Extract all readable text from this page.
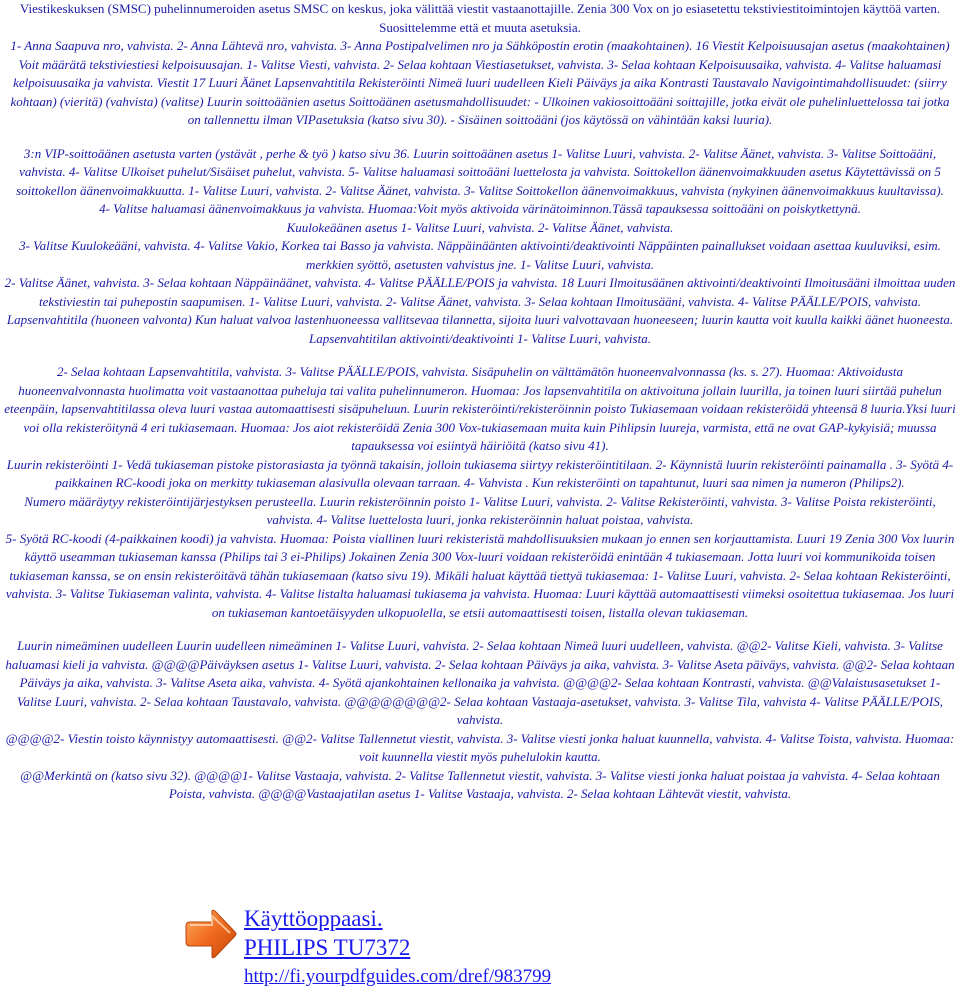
Viestikeskuksen (SMSC) puhelinnumeroiden asetus SMSC on keskus, joka välittää viestit vastaanottajille. Zenia 300 Vox on jo esiasetettu tekstiviestitoimintojen käyttöä varten. Suosittelemme että et muuta asetuksia.

1- Anna Saapuva nro, vahvista. 2- Anna Lähtevä nro, vahvista. 3- Anna Postipalvelimen nro ja Sähköpostin erotin (maakohtainen). 16 Viestit Kelpoisuusajan asetus (maakohtainen) Voit määrätä tekstiviestiesi kelpoisuusajan. 1- Valitse Viesti, vahvista. 2- Selaa kohtaan Viestiasetukset, vahvista. 3- Selaa kohtaan Kelpoisuusaika, vahvista. 4- Valitse haluamasi kelpoisuusaika ja vahvista. Viestit 17 Luuri Äänet Lapsenvahtitila Rekisteröinti Nimeä luuri uudelleen Kieli Päiväys ja aika Kontrasti Taustavalo Navigointimahdollisuudet: (siirry kohtaan) (vieritä) (vahvista) (valitse) Luurin soittoäänien asetus Soittoäänen asetusmahdollisuudet: - Ulkoinen vakiosoittoääni soittajille, jotka eivät ole puhelinluettelossa tai jotka on tallennettu ilman VIPasetuksia (katso sivu 30). - Sisäinen soittoääni (jos käytössä on vähintään kaksi luuria).

3:n VIP-soittoäänen asetusta varten (ystävät , perhe & työ ) katso sivu 36. Luurin soittoäänen asetus 1- Valitse Luuri, vahvista. 2- Valitse Äänet, vahvista. 3- Valitse Soittoääni, vahvista. 4- Valitse Ulkoiset puhelut/Sisäiset puhelut, vahvista. 5- Valitse haluamasi soittoääni luettelosta ja vahvista. Soittokellon äänenvoimakkuuden asetus Käytettävissä on 5 soittokellon äänenvoimakkuutta. 1- Valitse Luuri, vahvista. 2- Valitse Äänet, vahvista. 3- Valitse Soittokellon äänenvoimakkuus, vahvista (nykyinen äänenvoimakkuus kuultavissa).

4- Valitse haluamasi äänenvoimakkuus ja vahvista. Huomaa:Voit myös aktivoida värinätoiminnon.Tässä tapauksessa soittoääni on poiskytkettynä.

Kuulokeäänen asetus 1- Valitse Luuri, vahvista. 2- Valitse Äänet, vahvista.

3- Valitse Kuulokeääni, vahvista. 4- Valitse Vakio, Korkea tai Basso ja vahvista. Näppäinäänten aktivointi/deaktivointi Näppäinten painallukset voidaan asettaa kuuluviksi, esim. merkkien syöttö, asetusten vahvistus jne. 1- Valitse Luuri, vahvista.

2- Valitse Äänet, vahvista. 3- Selaa kohtaan Näppäinäänet, vahvista. 4- Valitse PÄÄLLE/POIS ja vahvista. 18 Luuri Ilmoitusäänen aktivointi/deaktivointi Ilmoitusääni ilmoittaa uuden tekstiviestin tai puhepostin saapumisen. 1- Valitse Luuri, vahvista. 2- Valitse Äänet, vahvista. 3- Selaa kohtaan Ilmoitusääni, vahvista. 4- Valitse PÄÄLLE/POIS, vahvista. Lapsenvahtitila (huoneen valvonta) Kun haluat valvoa lastenhuoneessa vallitsevaa tilannetta, sijoita luuri valvottavaan huoneeseen; luurin kautta voit kuulla kaikki äänet huoneesta. Lapsenvahtitilan aktivointi/deaktivointi 1- Valitse Luuri, vahvista.

2- Selaa kohtaan Lapsenvahtitila, vahvista. 3- Valitse PÄÄLLE/POIS, vahvista. Sisäpuhelin on välttämätön huoneenvalvonnassa (ks. s. 27). Huomaa: Aktivoidusta huoneenvalvonnasta huolimatta voit vastaanottaa puheluja tai valita puhelinnumeron. Huomaa: Jos lapsenvahtitila on aktivoituna jollain luurilla, ja toinen luuri siirtää puhelun eteenpäin, lapsenvahtitilassa oleva luuri vastaa automaattisesti sisäpuheluun. Luurin rekisteröinti/rekisteröinnin poisto Tukiasemaan voidaan rekisteröidä yhteensä 8 luuria.Yksi luuri voi olla rekisteröitynä 4 eri tukiasemaan. Huomaa: Jos aiot rekisteröidä Zenia 300 Vox-tukiasemaan muita kuin Pihlipsin luureja, varmista, että ne ovat GAP-kykyisiä; muussa tapauksessa voi esiintyä häiriöitä (katso sivu 41).

Luurin rekisteröinti 1- Vedä tukiaseman pistoke pistorasiasta ja työnnä takaisin, jolloin tukiasema siirtyy rekisteröintitilaan. 2- Käynnistä luurin rekisteröinti painamalla . 3- Syötä 4-paikkainen RC-koodi joka on merkitty tukiaseman alasivulla olevaan tarraan. 4- Vahvista . Kun rekisteröinti on tapahtunut, luuri saa nimen ja numeron (Philips2).

Numero määräytyy rekisteröintijärjestyksen perusteella. Luurin rekisteröinnin poisto 1- Valitse Luuri, vahvista. 2- Valitse Rekisteröinti, vahvista. 3- Valitse Poista rekisteröinti, vahvista. 4- Valitse luettelosta luuri, jonka rekisteröinnin haluat poistaa, vahvista.

5- Syötä RC-koodi (4-paikkainen koodi) ja vahvista. Huomaa: Poista viallinen luuri rekisteristä mahdollisuuksien mukaan jo ennen sen korjauttamista. Luuri 19 Zenia 300 Vox luurin käyttö useamman tukiaseman kanssa (Philips tai 3 ei-Philips) Jokainen Zenia 300 Vox-luuri voidaan rekisteröidä enintään 4 tukiasemaan. Jotta luuri voi kommunikoida toisen tukiaseman kanssa, se on ensin rekisteröitävä tähän tukiasemaan (katso sivu 19). Mikäli haluat käyttää tiettyä tukiasemaa: 1- Valitse Luuri, vahvista. 2- Selaa kohtaan Rekisteröinti, vahvista. 3- Valitse Tukiaseman valinta, vahvista. 4- Valitse listalta haluamasi tukiasema ja vahvista. Huomaa: Luuri käyttää automaattisesti viimeksi osoitettua tukiasemaa. Jos luuri on tukiaseman kantoetäisyyden ulkopuolella, se etsii automaattisesti toisen, listalla olevan tukiaseman.

Luurin nimeäminen uudelleen Luurin uudelleen nimeäminen 1- Valitse Luuri, vahvista. 2- Selaa kohtaan Nimeä luuri uudelleen, vahvista. @@2- Valitse Kieli, vahvista. 3- Valitse haluamasi kieli ja vahvista. @@@@Päiväyksen asetus 1- Valitse Luuri, vahvista. 2- Selaa kohtaan Päiväys ja aika, vahvista. 3- Valitse Aseta päiväys, vahvista. @@2- Selaa kohtaan Päiväys ja aika, vahvista. 3- Valitse Aseta aika, vahvista. 4- Syötä ajankohtainen kellonaika ja vahvista. @@@@2- Selaa kohtaan Kontrasti, vahvista. @@Valaistusasetukset 1- Valitse Luuri, vahvista. 2- Selaa kohtaan Taustavalo, vahvista. @@@@@@@@2- Selaa kohtaan Vastaaja-asetukset, vahvista. 3- Valitse Tila, vahvista 4- Valitse PÄÄLLE/POIS, vahvista.

@@@@2- Viestin toisto käynnistyy automaattisesti. @@2- Valitse Tallennetut viestit, vahvista. 3- Valitse viesti jonka haluat kuunnella, vahvista. 4- Valitse Toista, vahvista. Huomaa: voit kuunnella viestit myös puhelulokin kautta.

@@Merkintä on (katso sivu 32). @@@@1- Valitse Vastaaja, vahvista. 2- Valitse Tallennetut viestit, vahvista. 3- Valitse viesti jonka haluat poistaa ja vahvista. 4- Selaa kohtaan Poista, vahvista. @@@@Vastaajatilan asetus 1- Valitse Vastaaja, vahvista. 2- Selaa kohtaan Lähtevät viestit, vahvista.

Käyttöoppaasi.
PHILIPS TU7372
http://fi.yourpdfguides.com/dref/983799
